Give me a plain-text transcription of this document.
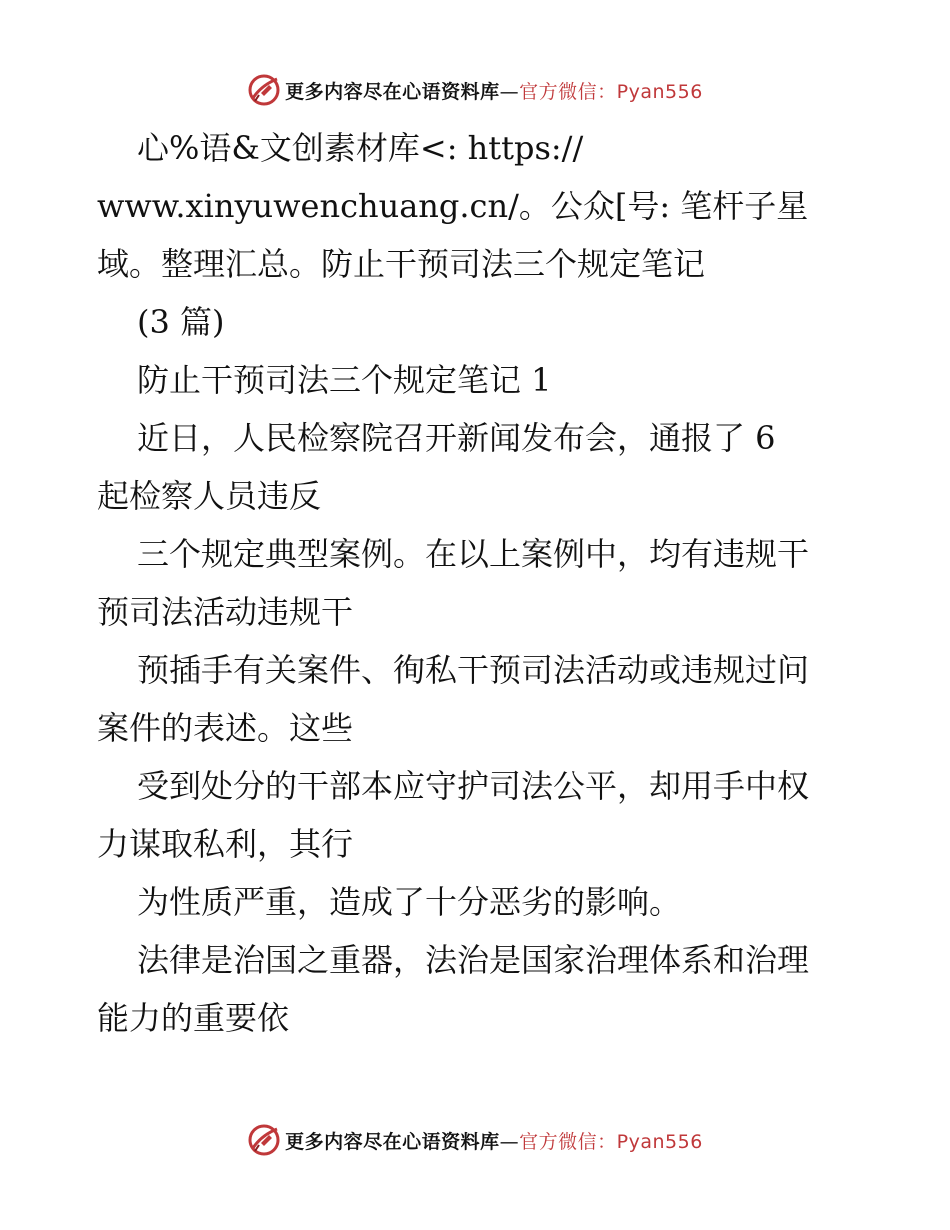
更多内容尽在心语资料库—官方微信：Pyan556
心%语&文创素材库<: https://
www.xinyuwenchuang.cn/。公众[号: 笔杆子星
域。整理汇总。防止干预司法三个规定笔记
(3 篇)
防止干预司法三个规定笔记 1
近日，人民检察院召开新闻发布会，通报了 6
起检察人员违反
三个规定典型案例。在以上案例中，均有违规干
预司法活动违规干
预插手有关案件、徇私干预司法活动或违规过问
案件的表述。这些
受到处分的干部本应守护司法公平，却用手中权
力谋取私利，其行
为性质严重，造成了十分恶劣的影响。
法律是治国之重器，法治是国家治理体系和治理
能力的重要依
更多内容尽在心语资料库—官方微信：Pyan556
